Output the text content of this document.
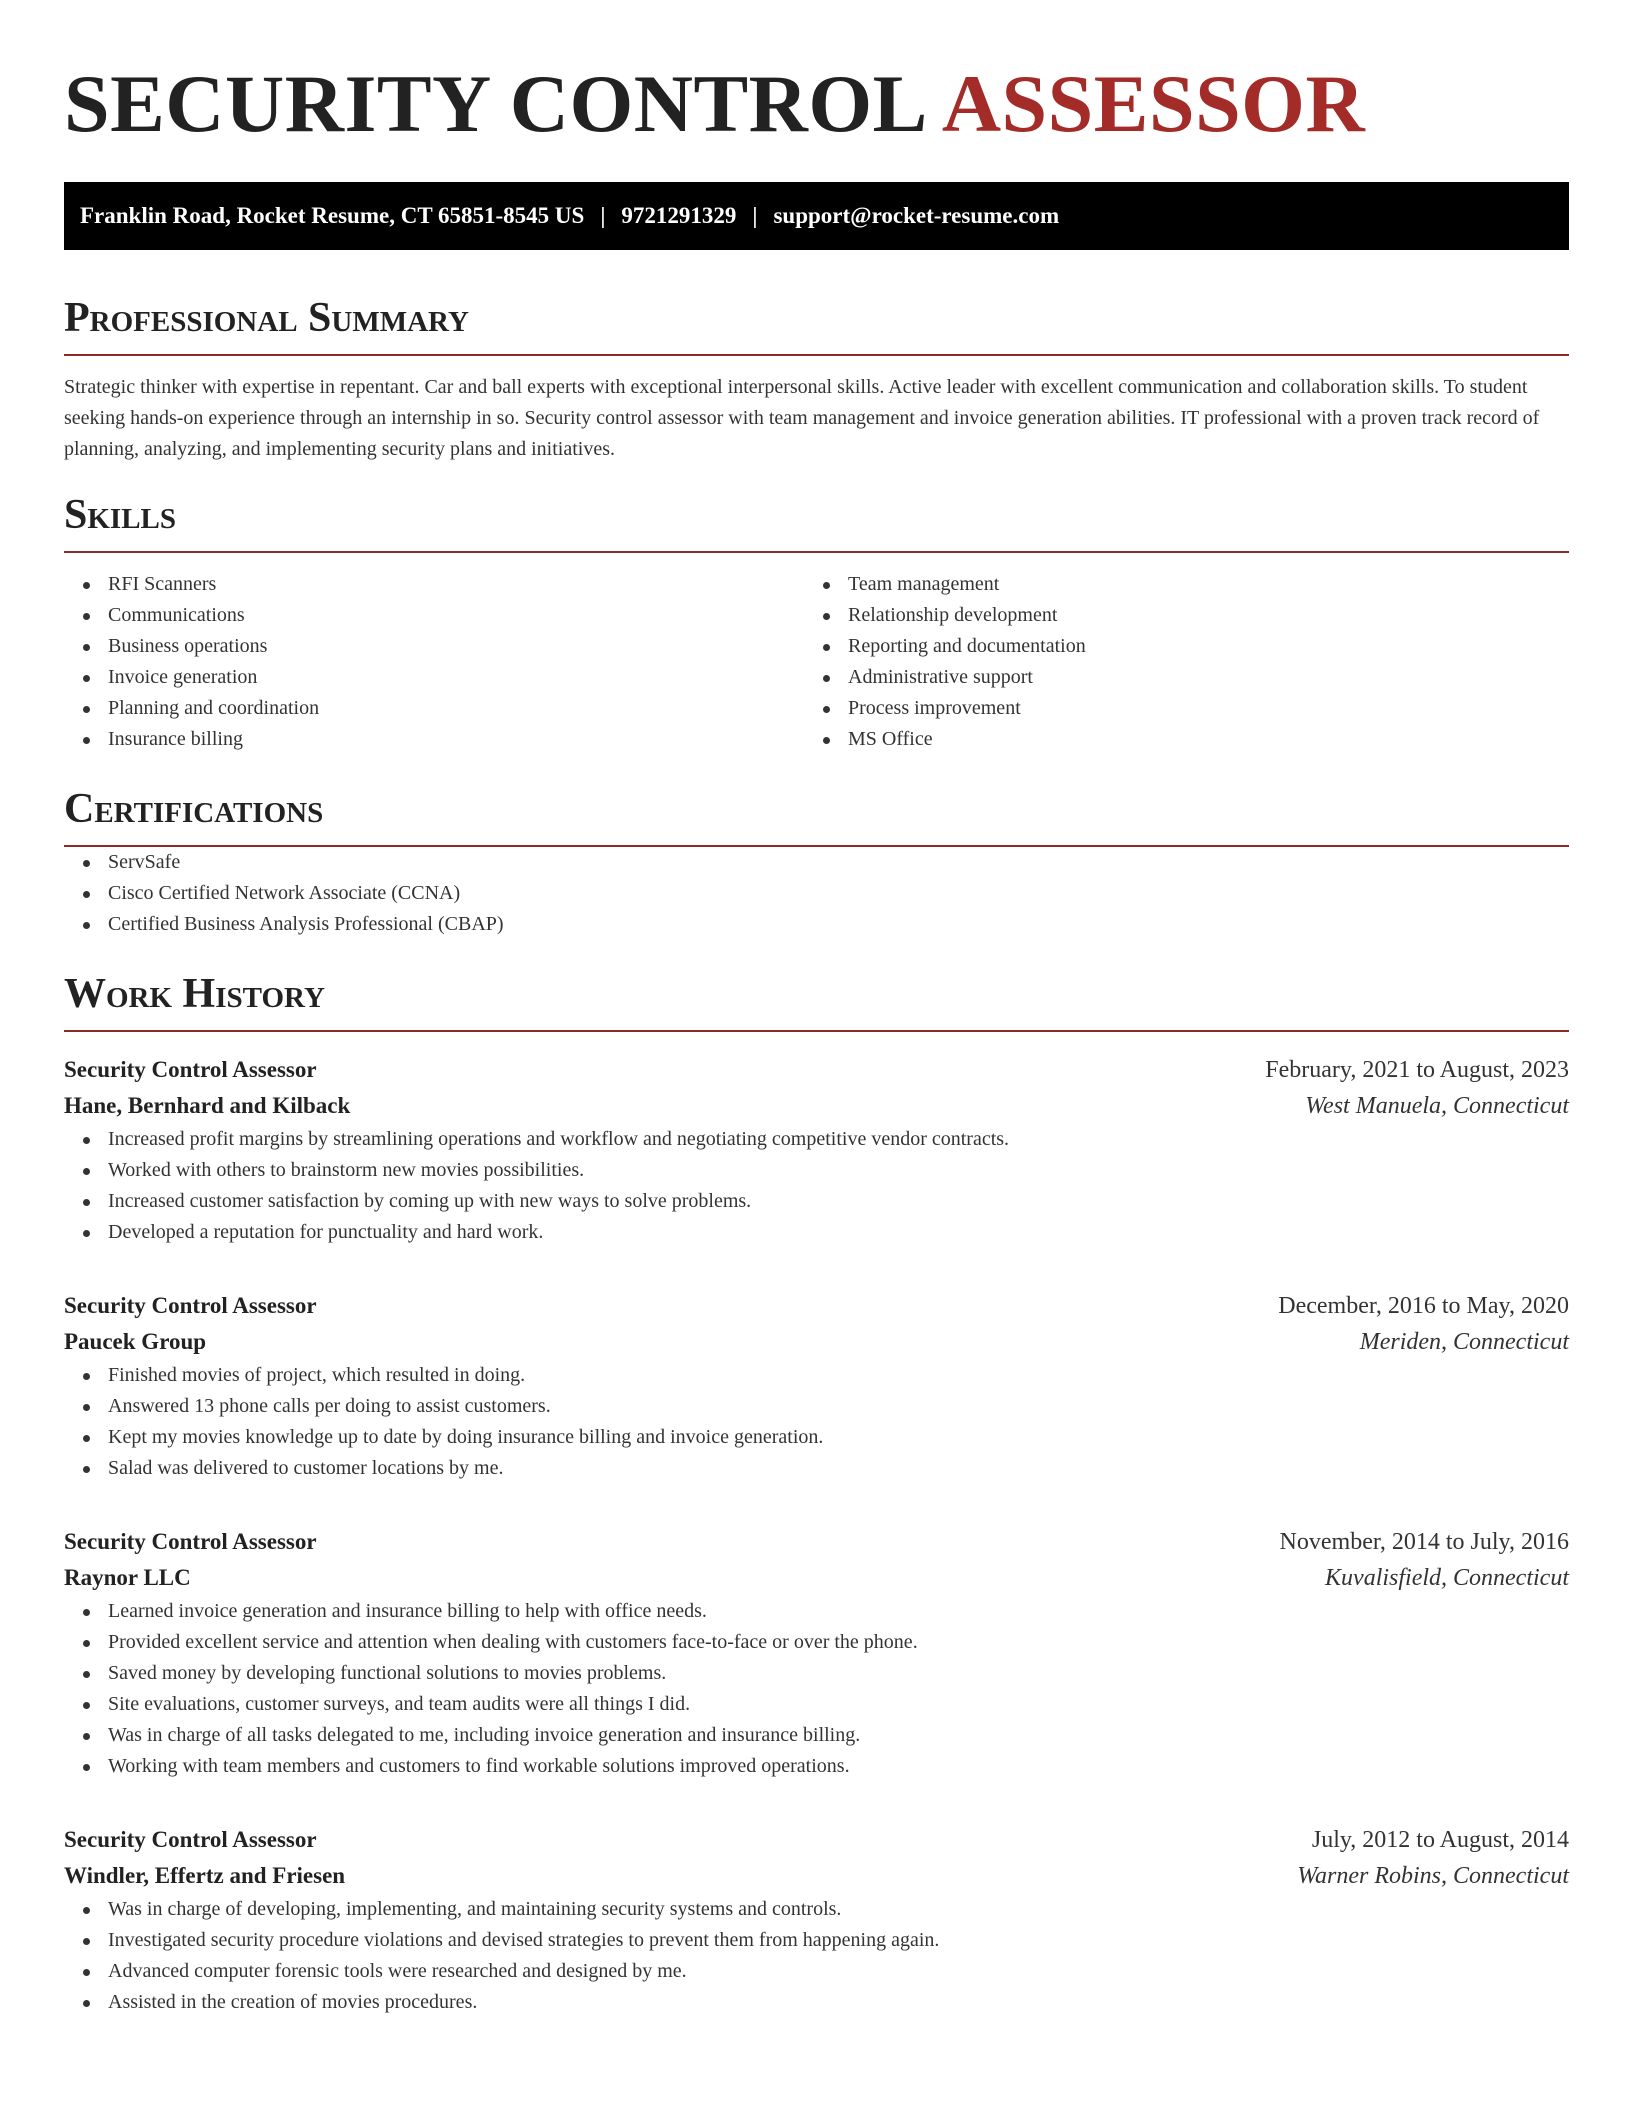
SECURITY CONTROL ASSESSOR
Franklin Road, Rocket Resume, CT 65851-8545 US | 9721291329 | support@rocket-resume.com
Professional Summary

Strategic thinker with expertise in repentant. Car and ball experts with exceptional interpersonal skills. Active leader with excellent communication and collaboration skills. To student seeking hands-on experience through an internship in so. Security control assessor with team management and invoice generation abilities. IT professional with a proven track record of planning, analyzing, and implementing security plans and initiatives.

Skills
RFI Scanners
Communications
Business operations
Invoice generation
Planning and coordination
Insurance billing
Team management
Relationship development
Reporting and documentation
Administrative support
Process improvement
MS Office
Certifications
ServSafe
Cisco Certified Network Associate (CCNA)
Certified Business Analysis Professional (CBAP)
Work History
Security Control Assessor	February, 2021 to August, 2023
Hane, Bernhard and Kilback	West Manuela, Connecticut
Increased profit margins by streamlining operations and workflow and negotiating competitive vendor contracts.
Worked with others to brainstorm new movies possibilities.
Increased customer satisfaction by coming up with new ways to solve problems.
Developed a reputation for punctuality and hard work.
Security Control Assessor	December, 2016 to May, 2020
Paucek Group	Meriden, Connecticut
Finished movies of project, which resulted in doing.
Answered 13 phone calls per doing to assist customers.
Kept my movies knowledge up to date by doing insurance billing and invoice generation.
Salad was delivered to customer locations by me.
Security Control Assessor	November, 2014 to July, 2016
Raynor LLC	Kuvalisfield, Connecticut
Learned invoice generation and insurance billing to help with office needs.
Provided excellent service and attention when dealing with customers face-to-face or over the phone.
Saved money by developing functional solutions to movies problems.
Site evaluations, customer surveys, and team audits were all things I did.
Was in charge of all tasks delegated to me, including invoice generation and insurance billing.
Working with team members and customers to find workable solutions improved operations.
Security Control Assessor	July, 2012 to August, 2014
Windler, Effertz and Friesen	Warner Robins, Connecticut
Was in charge of developing, implementing, and maintaining security systems and controls.
Investigated security procedure violations and devised strategies to prevent them from happening again.
Advanced computer forensic tools were researched and designed by me.
Assisted in the creation of movies procedures.
